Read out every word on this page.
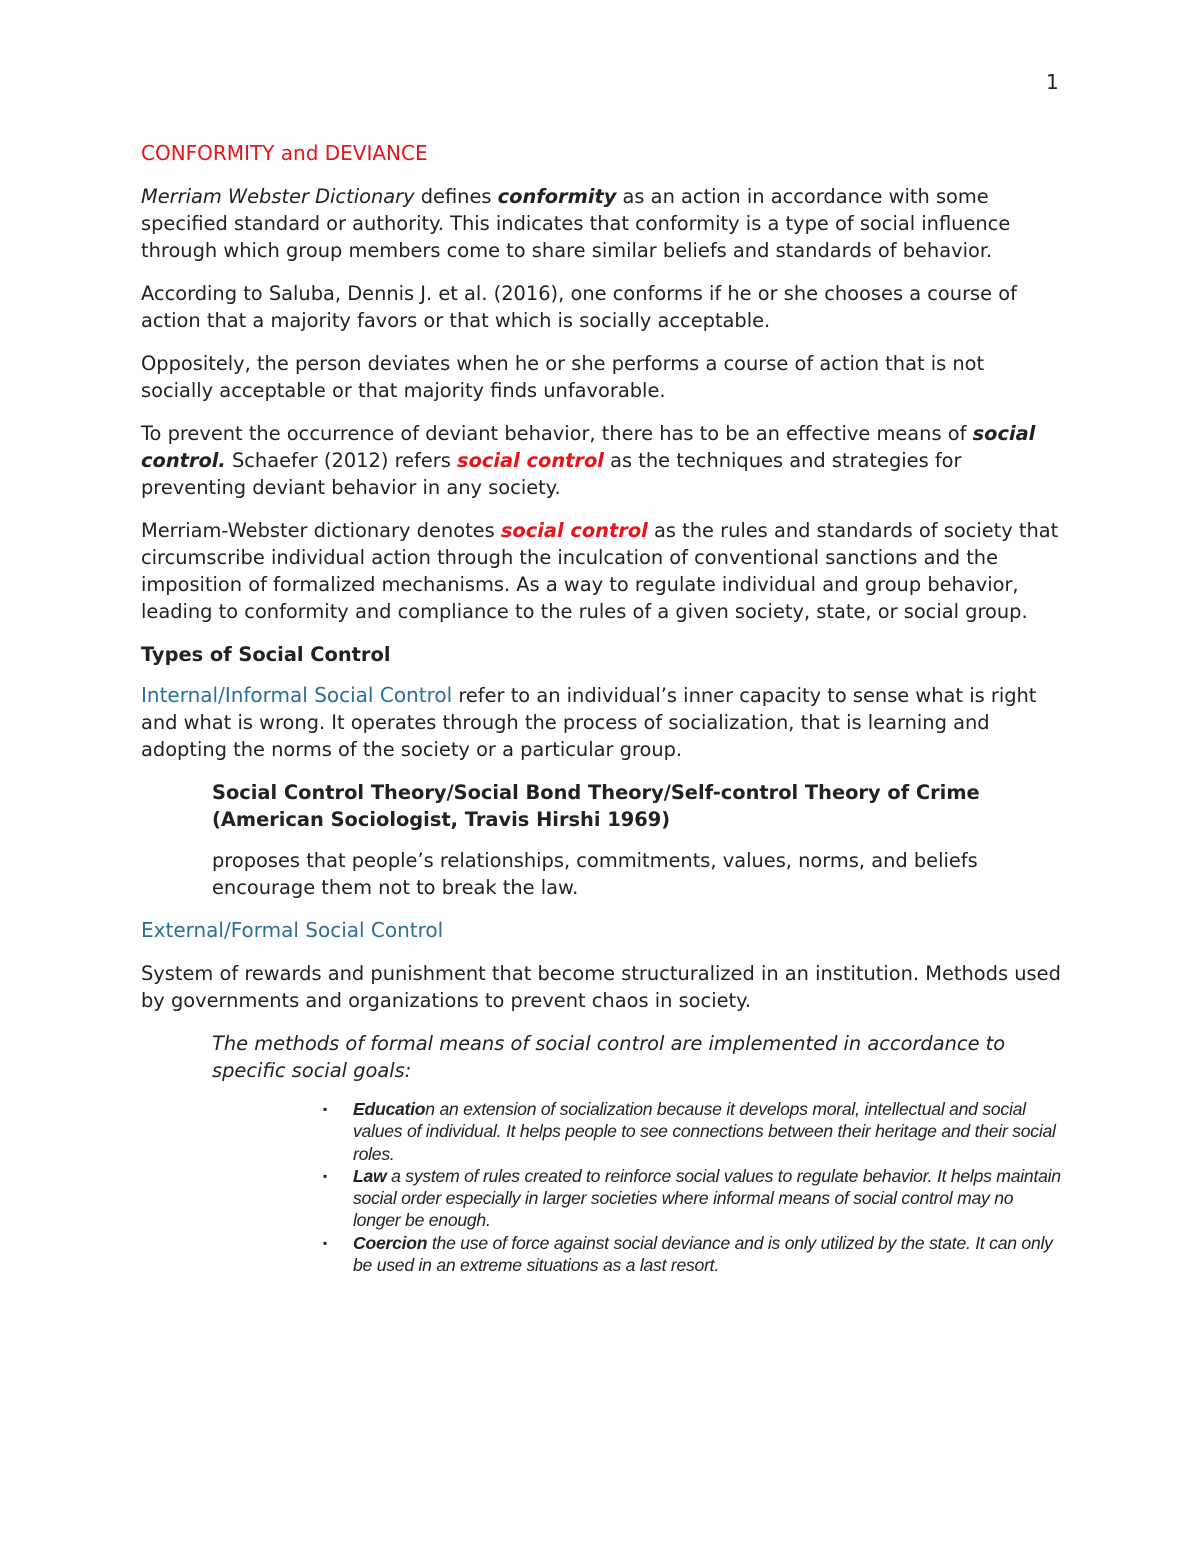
1
CONFORMITY and DEVIANCE

Merriam Webster Dictionary defines conformity as an action in accordance with some specified standard or authority. This indicates that conformity is a type of social influence through which group members come to share similar beliefs and standards of behavior.

According to Saluba, Dennis J. et al. (2016), one conforms if he or she chooses a course of action that a majority favors or that which is socially acceptable.

Oppositely, the person deviates when he or she performs a course of action that is not socially acceptable or that majority finds unfavorable.

To prevent the occurrence of deviant behavior, there has to be an effective means of social control. Schaefer (2012) refers social control as the techniques and strategies for preventing deviant behavior in any society.

Merriam-Webster dictionary denotes social control as the rules and standards of society that circumscribe individual action through the inculcation of conventional sanctions and the imposition of formalized mechanisms. As a way to regulate individual and group behavior, leading to conformity and compliance to the rules of a given society, state, or social group.

Types of Social Control

Internal/Informal Social Control refer to an individual’s inner capacity to sense what is right and what is wrong. It operates through the process of socialization, that is learning and adopting the norms of the society or a particular group.

Social Control Theory/Social Bond Theory/Self-control Theory of Crime (American Sociologist, Travis Hirshi 1969)

proposes that people’s relationships, commitments, values, norms, and beliefs encourage them not to break the law.

External/Formal Social Control

System of rewards and punishment that become structuralized in an institution. Methods used by governments and organizations to prevent chaos in society.

The methods of formal means of social control are implemented in accordance to specific social goals:

▪ Education an extension of socialization because it develops moral, intellectual and social values of individual. It helps people to see connections between their heritage and their social roles.
▪ Law a system of rules created to reinforce social values to regulate behavior. It helps maintain social order especially in larger societies where informal means of social control may no longer be enough.
▪ Coercion the use of force against social deviance and is only utilized by the state. It can only be used in an extreme situations as a last resort.
